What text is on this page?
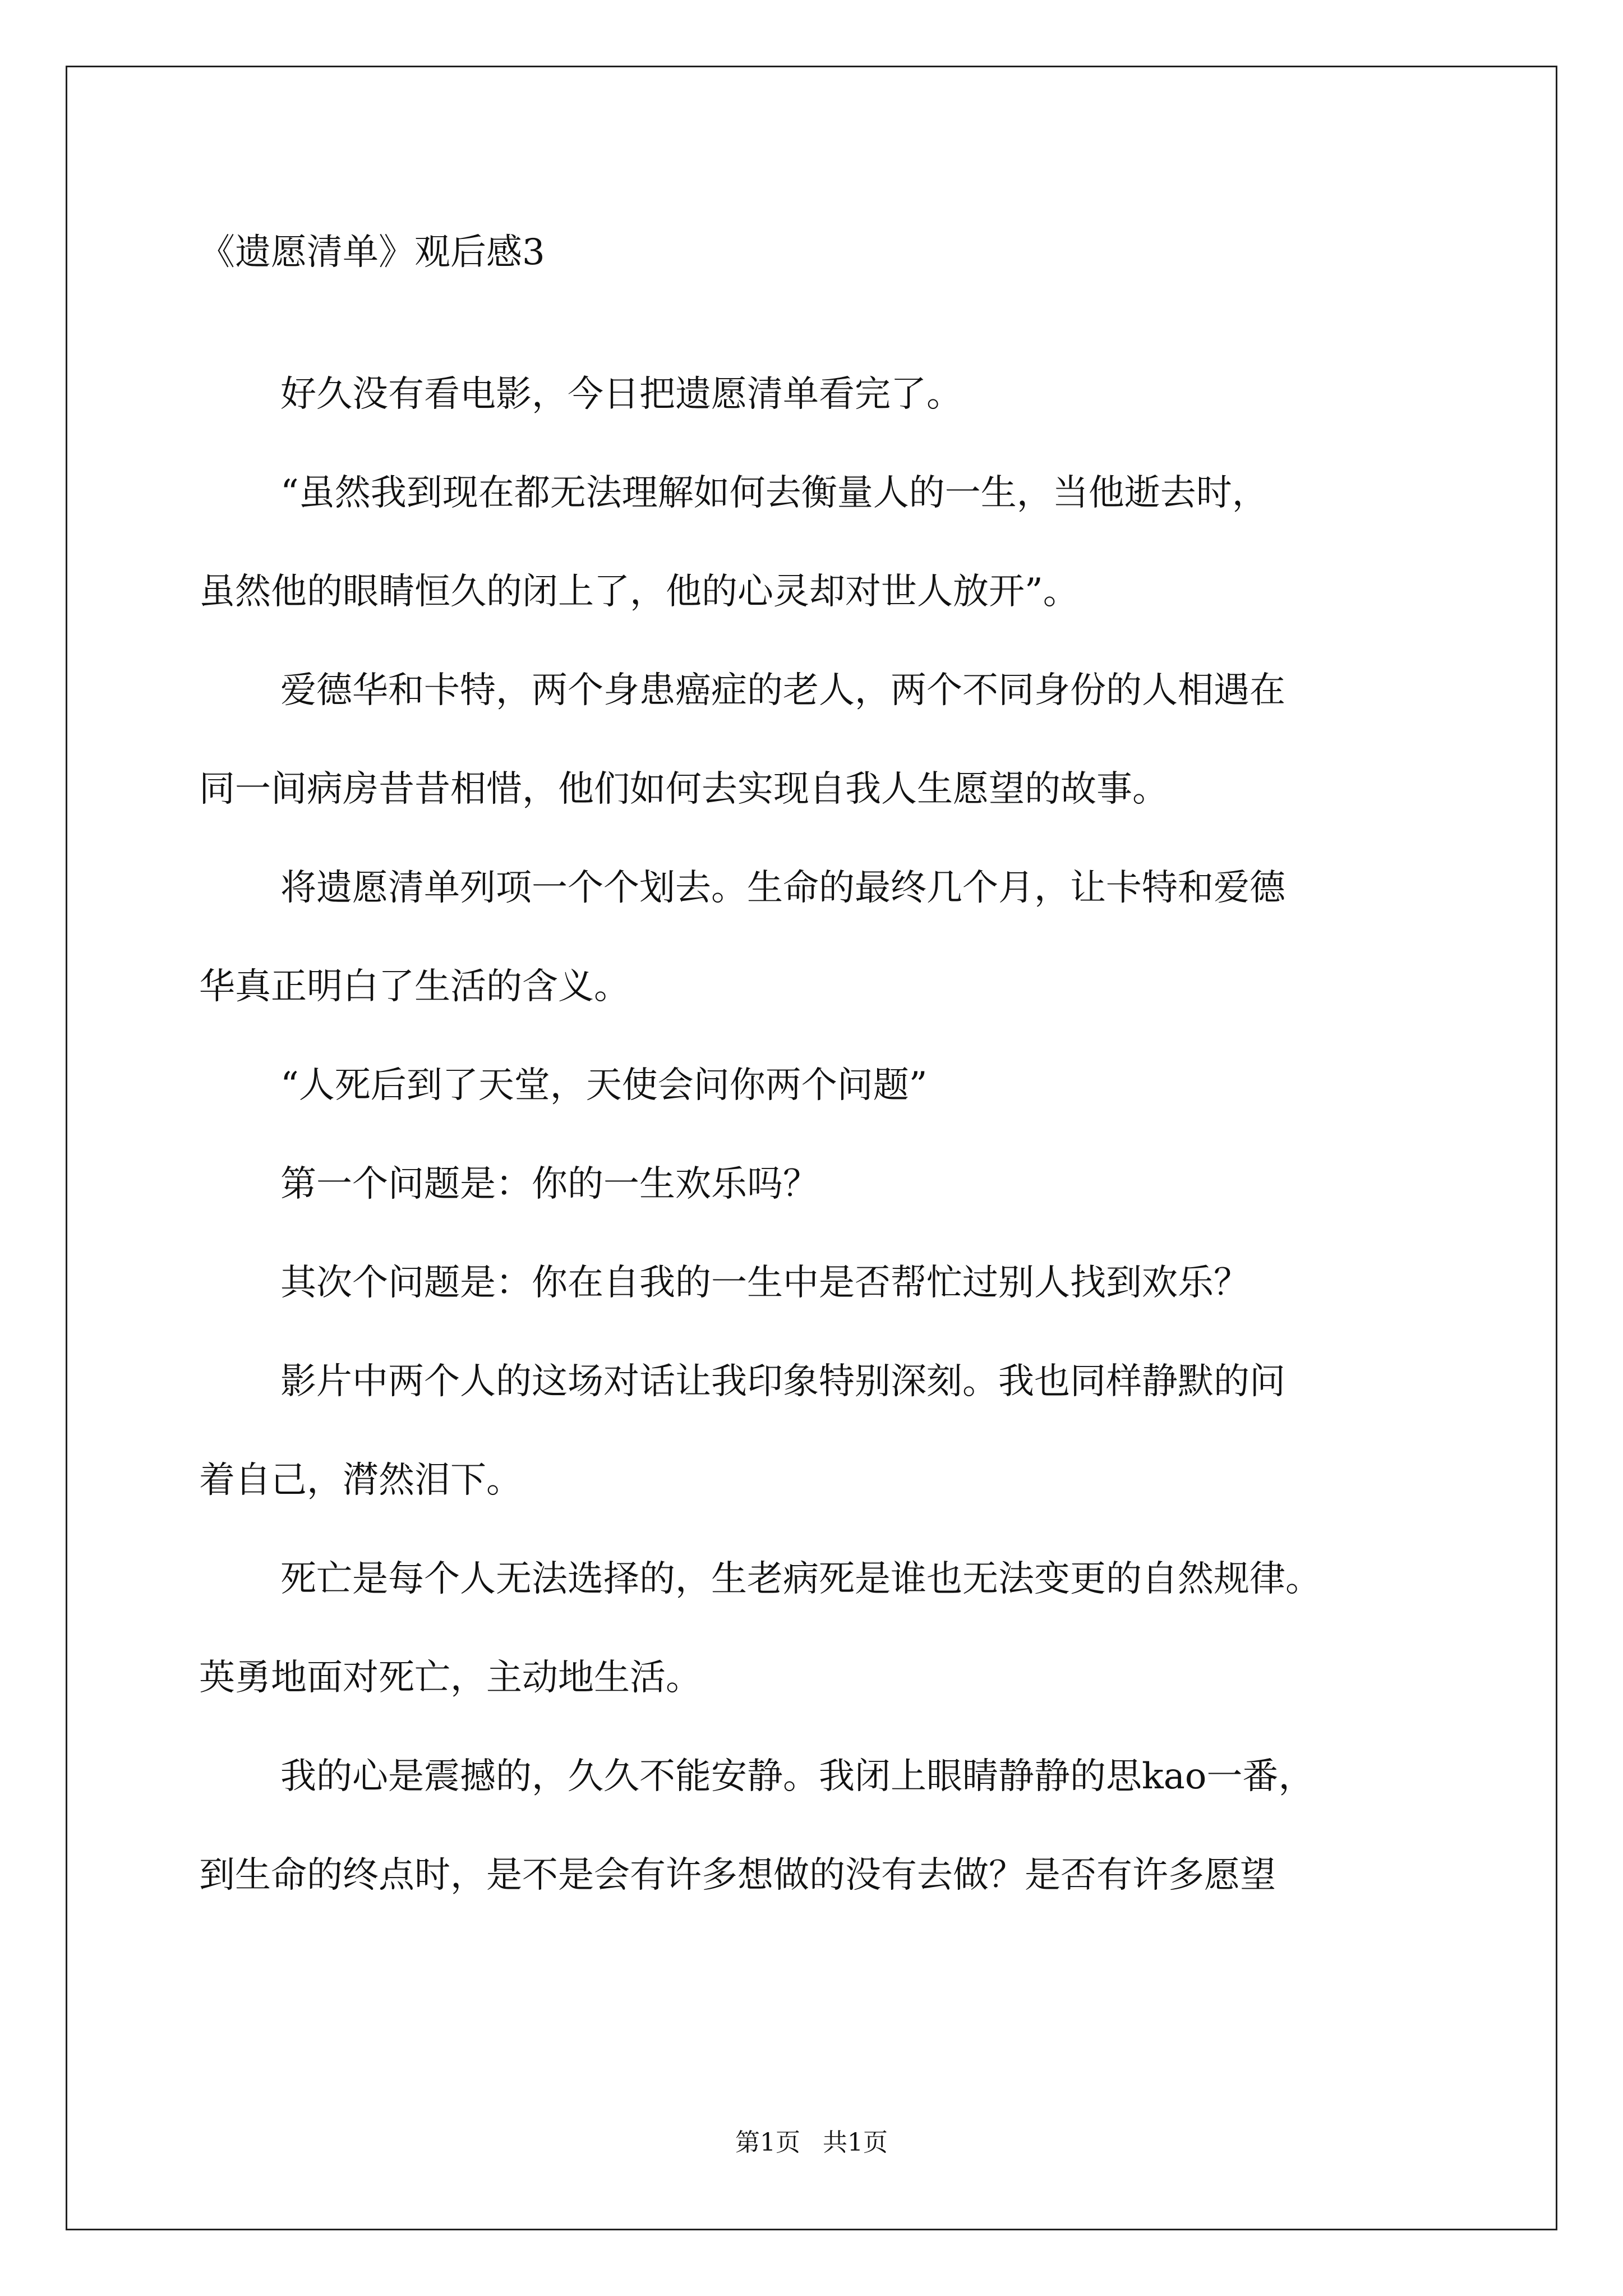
《遗愿清单》观后感3

好久没有看电影，今日把遗愿清单看完了。

“虽然我到现在都无法理解如何去衡量人的一生，当他逝去时，

虽然他的眼睛恒久的闭上了，他的心灵却对世人放开”。

爱德华和卡特，两个身患癌症的老人，两个不同身份的人相遇在

同一间病房昔昔相惜，他们如何去实现自我人生愿望的故事。

将遗愿清单列项一个个划去。生命的最终几个月，让卡特和爱德

华真正明白了生活的含义。

“人死后到了天堂，天使会问你两个问题”

第一个问题是：你的一生欢乐吗？

其次个问题是：你在自我的一生中是否帮忙过别人找到欢乐？

影片中两个人的这场对话让我印象特别深刻。我也同样静默的问

着自己，潸然泪下。

死亡是每个人无法选择的，生老病死是谁也无法变更的自然规律。

英勇地面对死亡，主动地生活。

我的心是震撼的，久久不能安静。我闭上眼睛静静的思kao一番，

到生命的终点时，是不是会有许多想做的没有去做？是否有许多愿望

第1页 共1页
